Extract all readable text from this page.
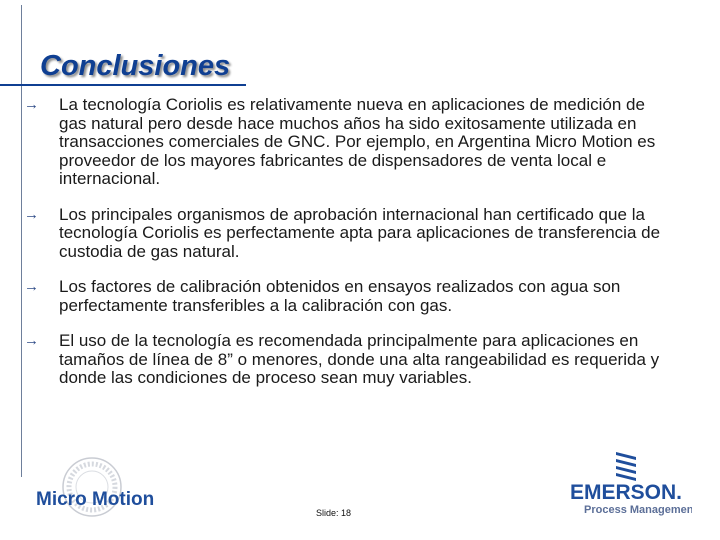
Conclusiones
→ La tecnología Coriolis es relativamente nueva en aplicaciones de medición de gas natural pero desde hace muchos años ha sido exitosamente utilizada en transacciones comerciales de GNC. Por ejemplo, en Argentina Micro Motion es proveedor de los mayores fabricantes de dispensadores de venta local e internacional.
→ Los principales organismos de aprobación internacional han certificado que la tecnología Coriolis es perfectamente apta para aplicaciones de transferencia de custodia de gas natural.
→ Los factores de calibración obtenidos en ensayos realizados con agua son perfectamente transferibles a la calibración con gas.
→ El uso de la tecnología es recomendada principalmente para aplicaciones en tamaños de línea de 8” o menores, donde una alta rangeabilidad es requerida y donde las condiciones de proceso sean muy variables.
Micro Motion
Slide: 18
EMERSON.
Process Management
